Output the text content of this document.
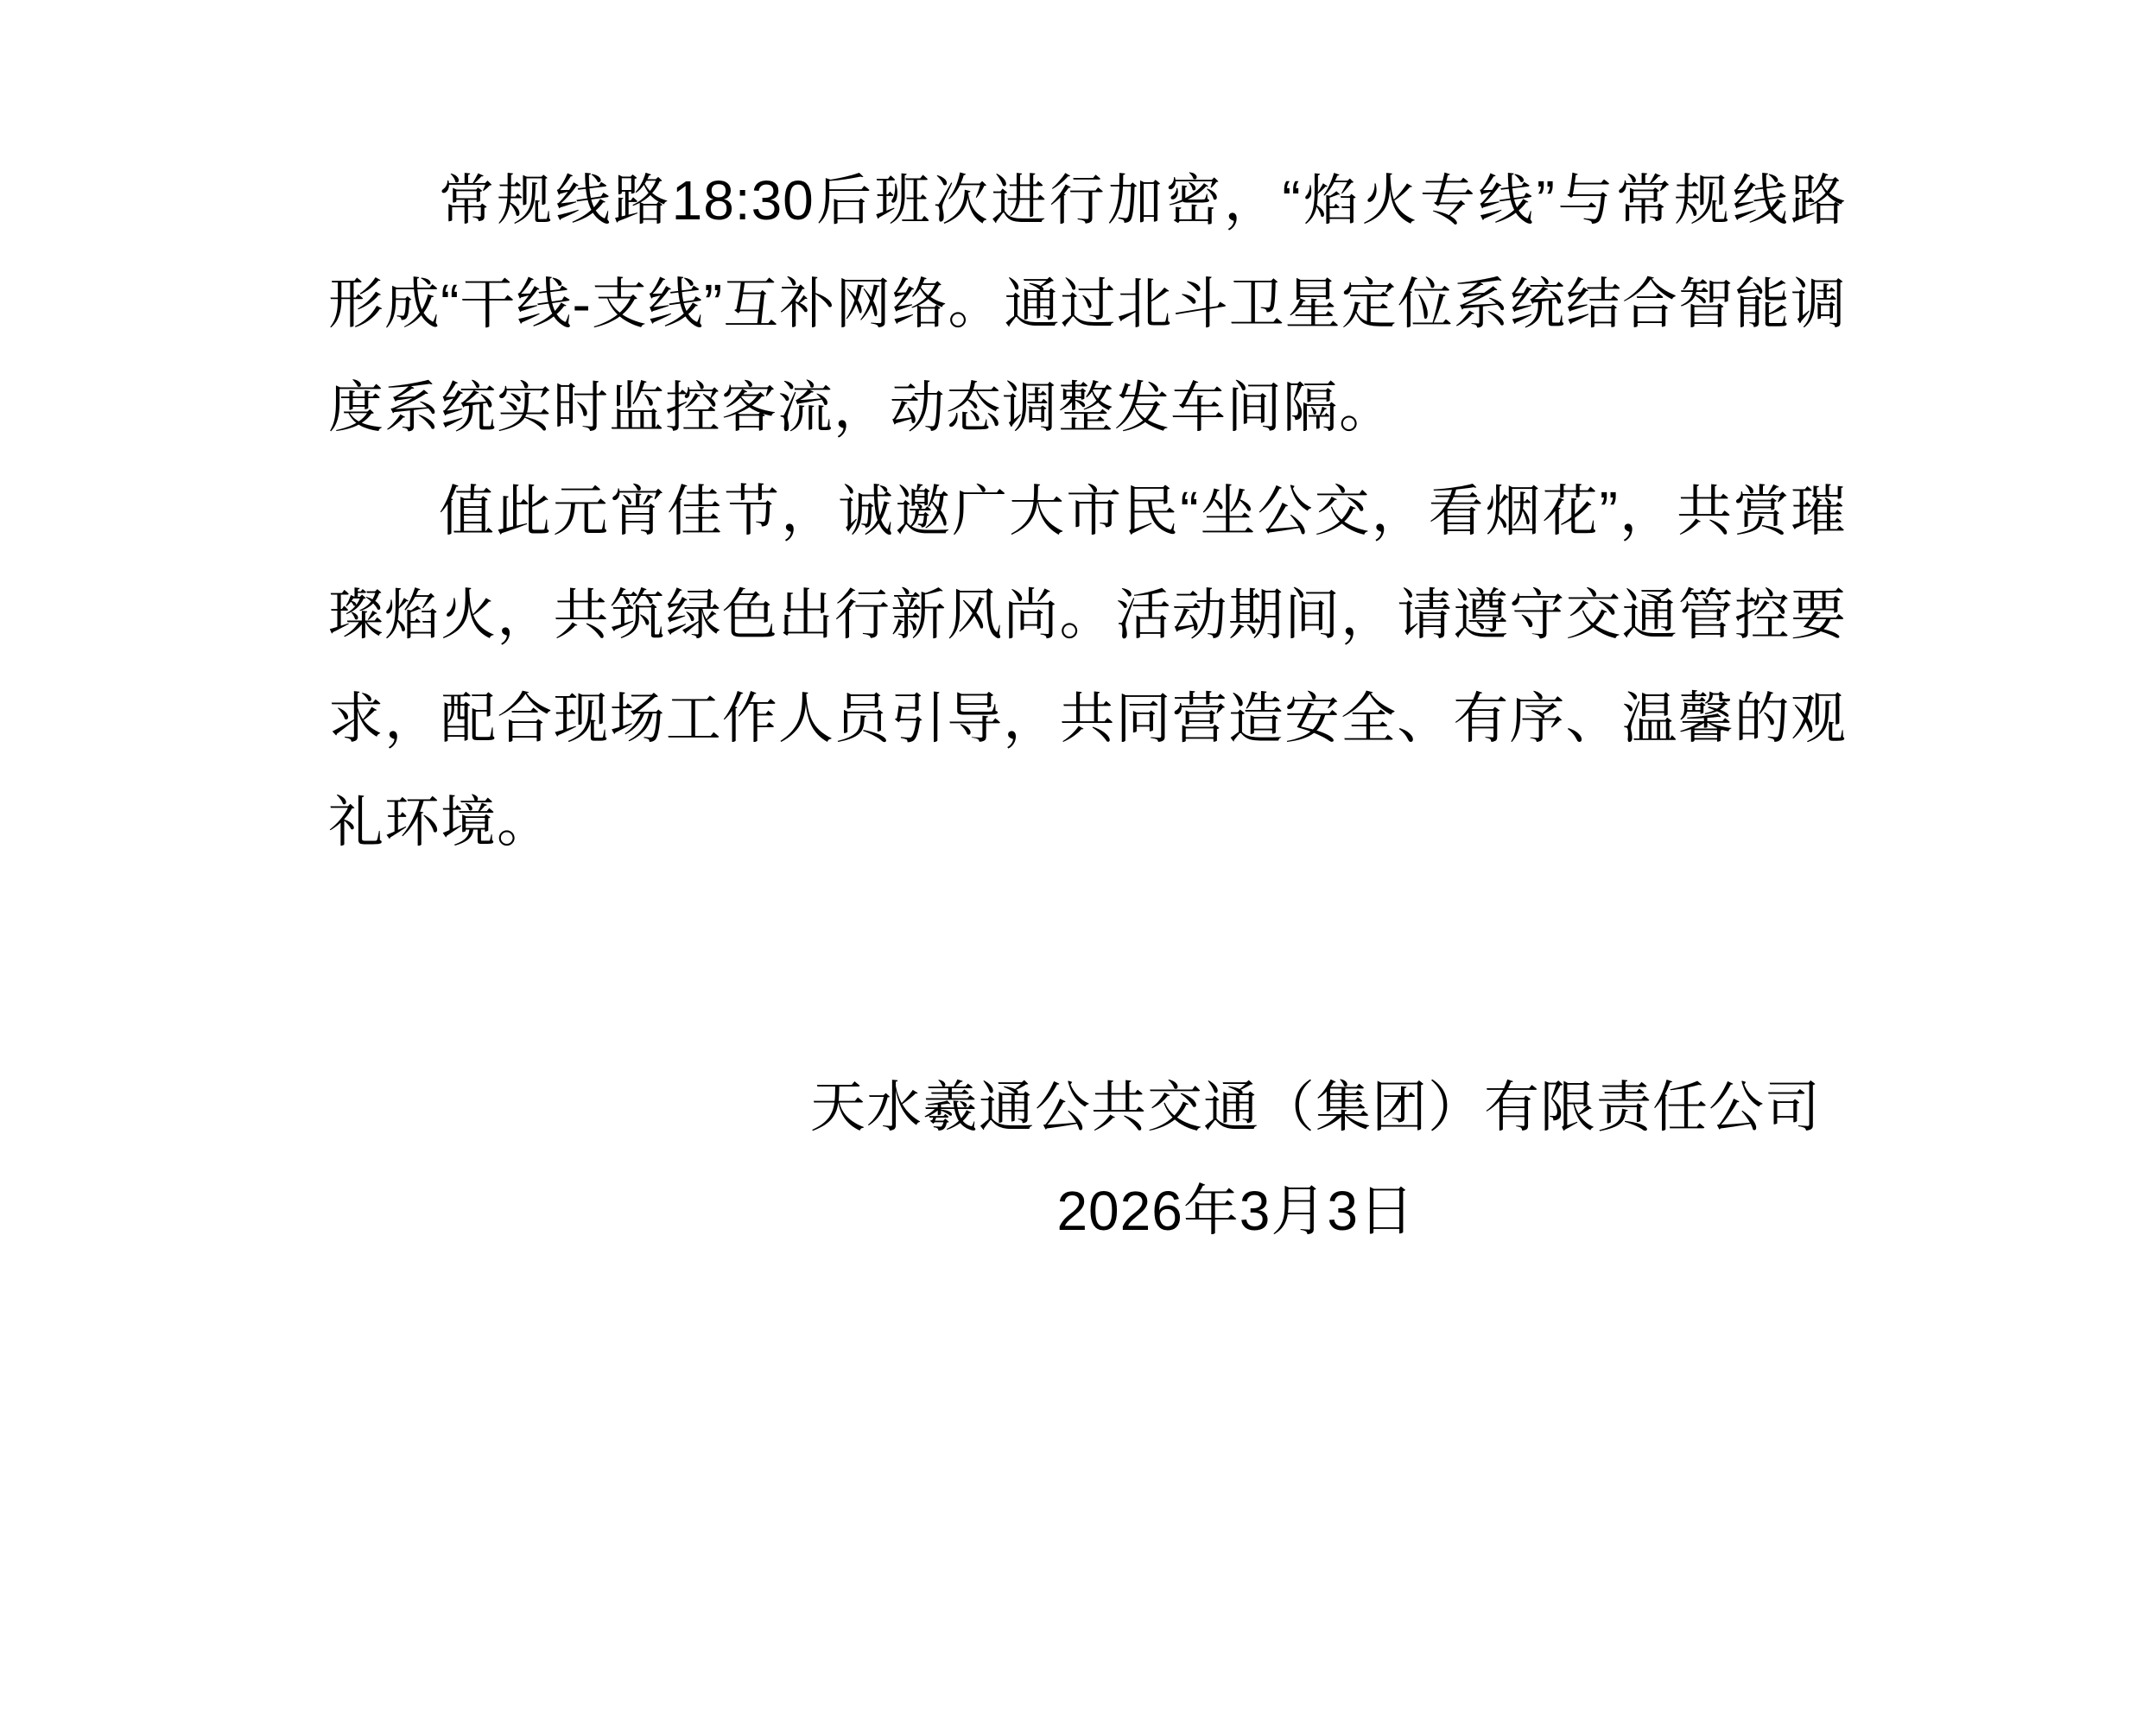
常规线路18:30后班次进行加密，“焰火专线”与常规线路形成“干线-支线”互补网络。通过北斗卫星定位系统结合智能调度系统实时监控客流，动态调整发车间隔。

值此元宵佳节，诚邀广大市民“坐公交，看烟花”，共赏璀璨焰火，共筑绿色出行新风尚。活动期间，请遵守交通管控要求，配合现场工作人员引导，共同营造安全、有序、温馨的观礼环境。

天水羲通公共交通（集团）有限责任公司
2026年3月3日
